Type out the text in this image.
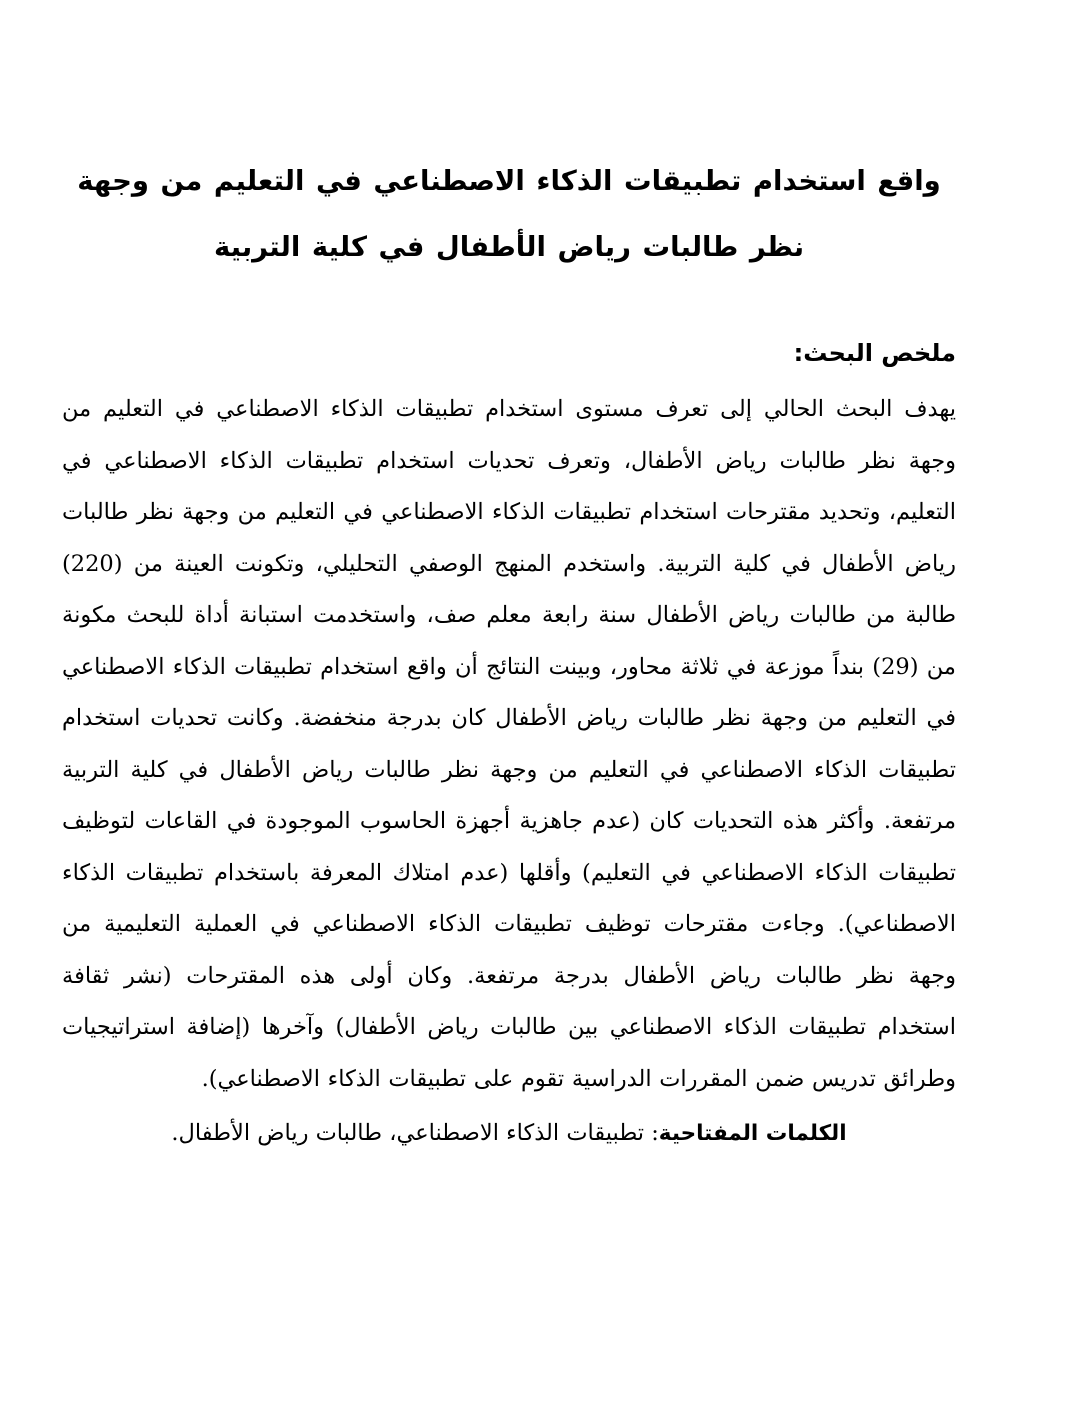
واقع استخدام تطبيقات الذكاء الاصطناعي في التعليم من وجهة نظر طالبات رياض الأطفال في كلية التربية
ملخص البحث:

يهدف البحث الحالي إلى تعرف مستوى استخدام تطبيقات الذكاء الاصطناعي في التعليم من وجهة نظر طالبات رياض الأطفال، وتعرف تحديات استخدام تطبيقات الذكاء الاصطناعي في التعليم، وتحديد مقترحات استخدام تطبيقات الذكاء الاصطناعي في التعليم من وجهة نظر طالبات رياض الأطفال في كلية التربية. واستخدم المنهج الوصفي التحليلي، وتكونت العينة من (220) طالبة من طالبات رياض الأطفال سنة رابعة معلم صف، واستخدمت استبانة أداة للبحث مكونة من (29) بنداً موزعة في ثلاثة محاور، وبينت النتائج أن واقع استخدام تطبيقات الذكاء الاصطناعي في التعليم من وجهة نظر طالبات رياض الأطفال كان بدرجة منخفضة. وكانت تحديات استخدام تطبيقات الذكاء الاصطناعي في التعليم من وجهة نظر طالبات رياض الأطفال في كلية التربية مرتفعة. وأكثر هذه التحديات كان (عدم جاهزية أجهزة الحاسوب الموجودة في القاعات لتوظيف تطبيقات الذكاء الاصطناعي في التعليم) وأقلها (عدم امتلاك المعرفة باستخدام تطبيقات الذكاء الاصطناعي). وجاءت مقترحات توظيف تطبيقات الذكاء الاصطناعي في العملية التعليمية من وجهة نظر طالبات رياض الأطفال بدرجة مرتفعة. وكان أولى هذه المقترحات (نشر ثقافة استخدام تطبيقات الذكاء الاصطناعي بين طالبات رياض الأطفال) وآخرها (إضافة استراتيجيات وطرائق تدريس ضمن المقررات الدراسية تقوم على تطبيقات الذكاء الاصطناعي).

الكلمات المفتاحية: تطبيقات الذكاء الاصطناعي، طالبات رياض الأطفال.
